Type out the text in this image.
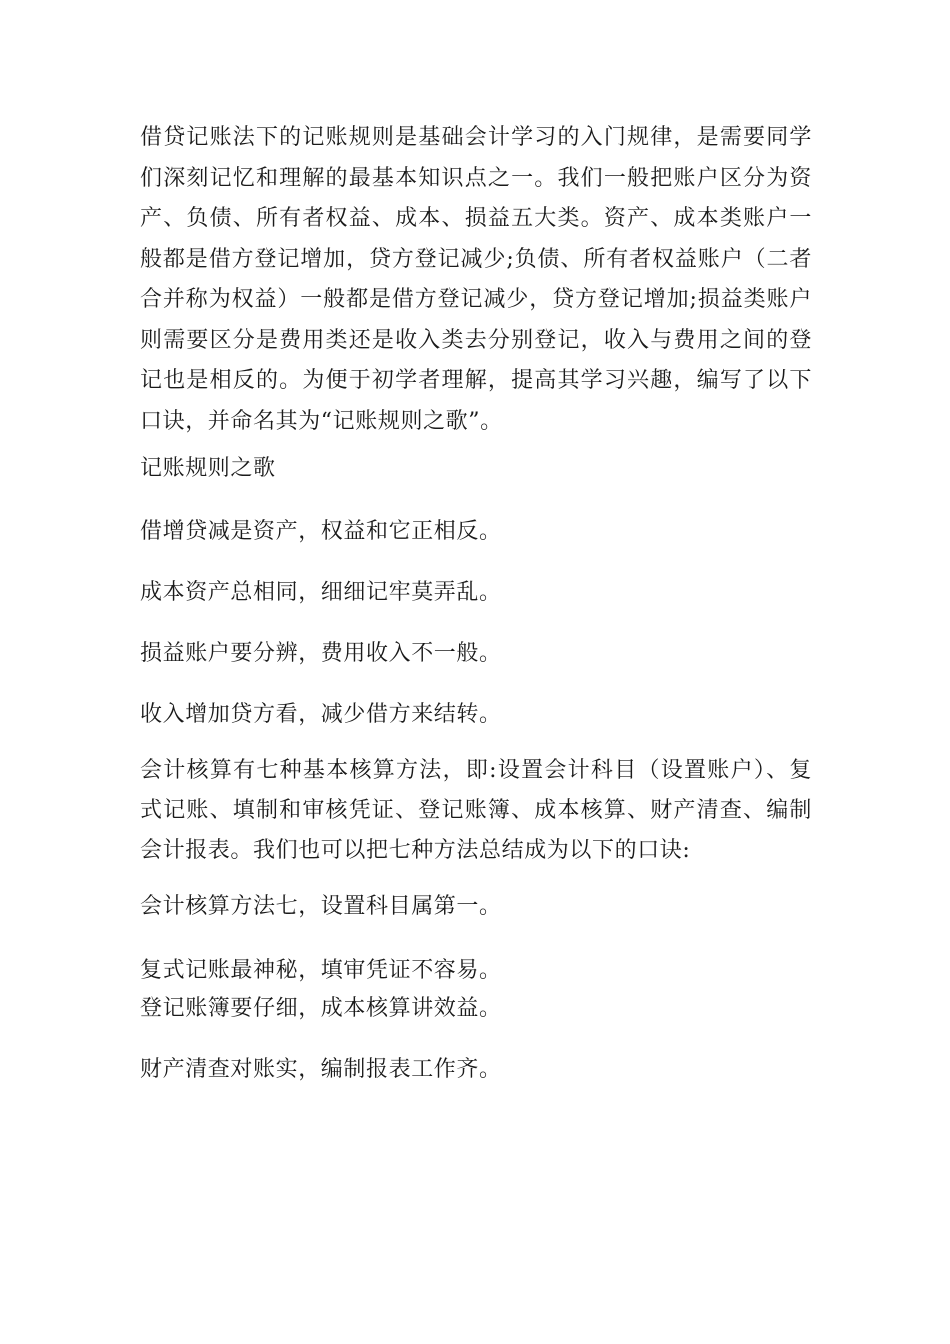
借贷记账法下的记账规则是基础会计学习的入门规律，是需要同学们深刻记忆和理解的最基本知识点之一。我们一般把账户区分为资产、负债、所有者权益、成本、损益五大类。资产、成本类账户一般都是借方登记增加，贷方登记减少;负债、所有者权益账户（二者合并称为权益）一般都是借方登记减少，贷方登记增加;损益类账户则需要区分是费用类还是收入类去分别登记，收入与费用之间的登记也是相反的。为便于初学者理解，提高其学习兴趣，编写了以下口诀，并命名其为“记账规则之歌”。

记账规则之歌

借增贷减是资产，权益和它正相反。

成本资产总相同，细细记牢莫弄乱。

损益账户要分辨，费用收入不一般。

收入增加贷方看，减少借方来结转。

会计核算有七种基本核算方法，即:设置会计科目（设置账户）、复式记账、填制和审核凭证、登记账簿、成本核算、财产清查、编制会计报表。我们也可以把七种方法总结成为以下的口诀:

会计核算方法七，设置科目属第一。

复式记账最神秘，填审凭证不容易。

登记账簿要仔细，成本核算讲效益。

财产清查对账实，编制报表工作齐。
